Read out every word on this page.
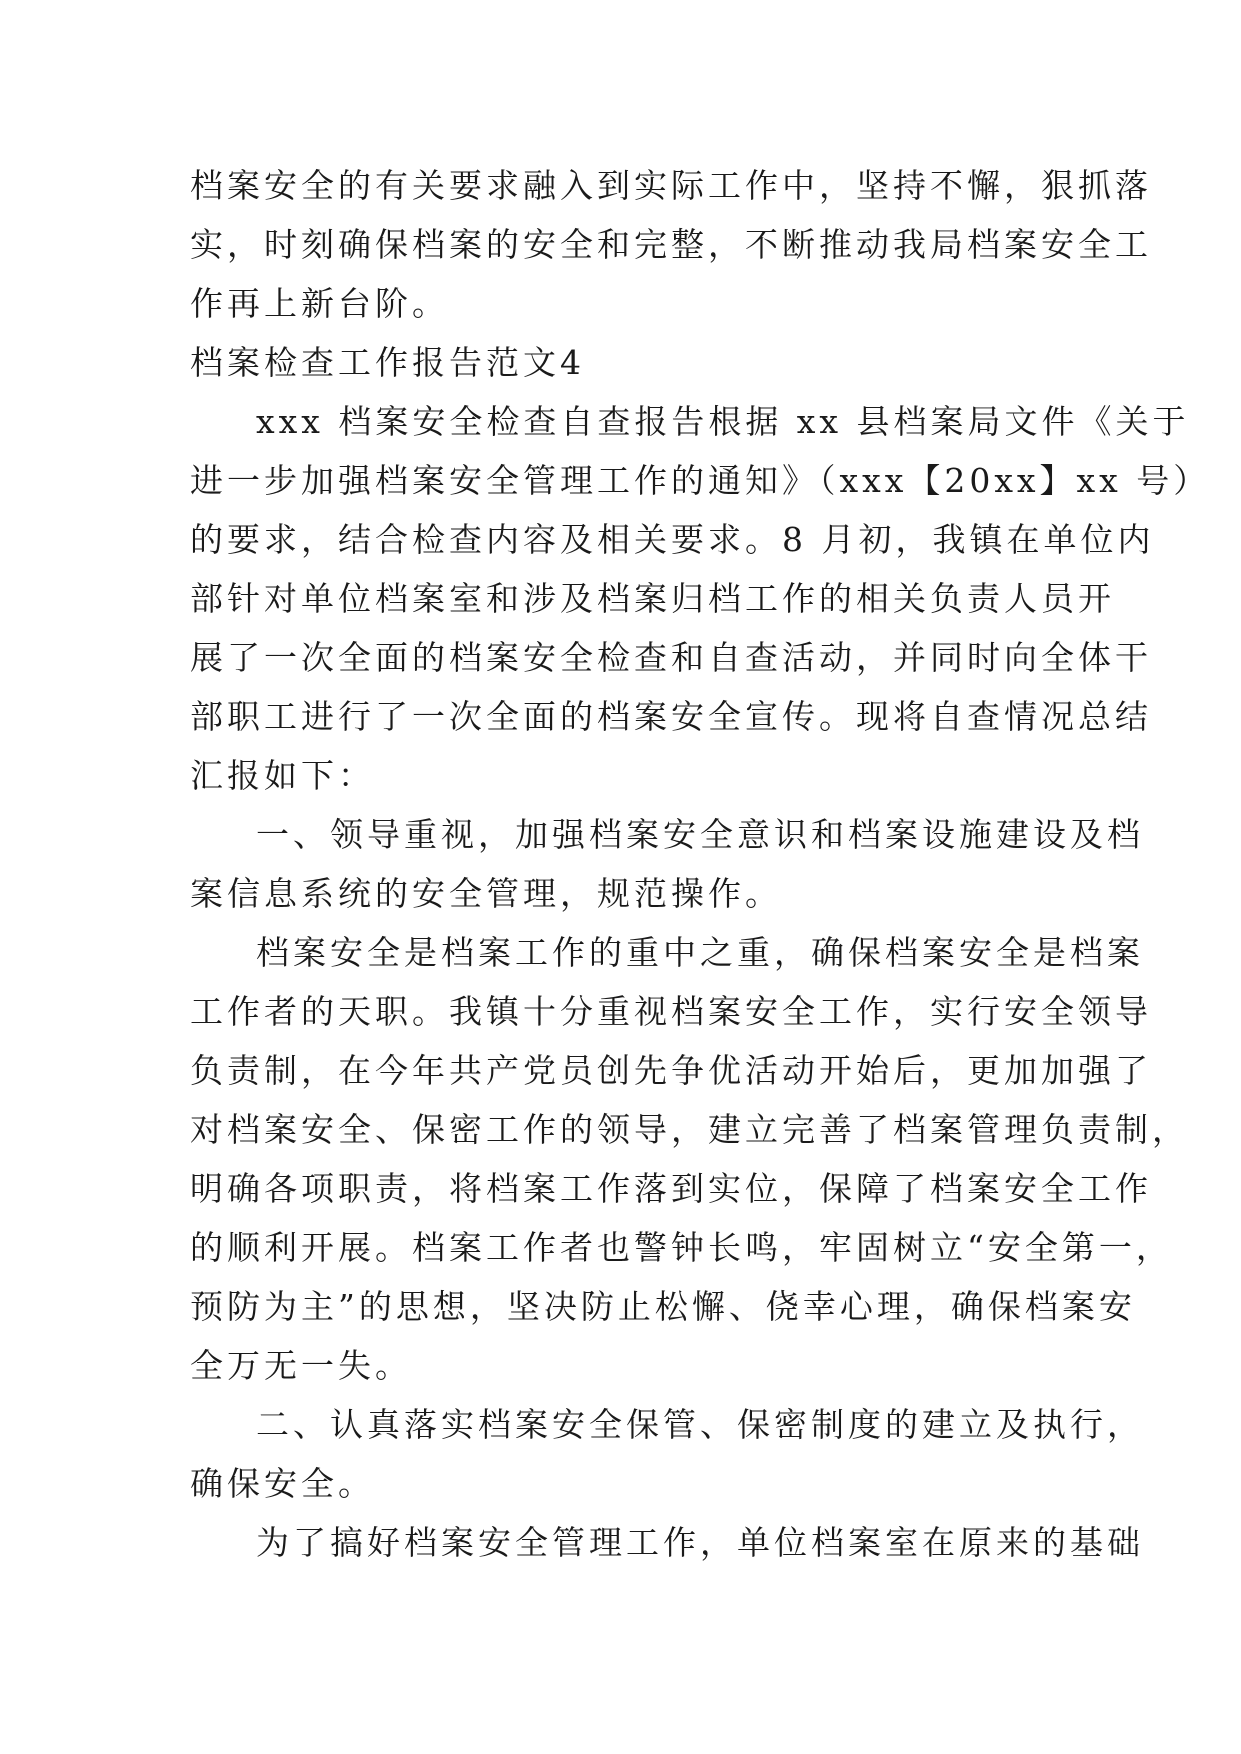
档案安全的有关要求融入到实际工作中，坚持不懈，狠抓落
实，时刻确保档案的安全和完整，不断推动我局档案安全工
作再上新台阶。
档案检查工作报告范文4
xxx 档案安全检查自查报告根据 xx 县档案局文件《关于
进一步加强档案安全管理工作的通知》（xxx【20xx】xx 号）
的要求，结合检查内容及相关要求。8 月初，我镇在单位内
部针对单位档案室和涉及档案归档工作的相关负责人员开
展了一次全面的档案安全检查和自查活动，并同时向全体干
部职工进行了一次全面的档案安全宣传。现将自查情况总结
汇报如下：
一、领导重视，加强档案安全意识和档案设施建设及档
案信息系统的安全管理，规范操作。
档案安全是档案工作的重中之重，确保档案安全是档案
工作者的天职。我镇十分重视档案安全工作，实行安全领导
负责制，在今年共产党员创先争优活动开始后，更加加强了
对档案安全、保密工作的领导，建立完善了档案管理负责制，
明确各项职责，将档案工作落到实位，保障了档案安全工作
的顺利开展。档案工作者也警钟长鸣，牢固树立“安全第一，
预防为主”的思想，坚决防止松懈、侥幸心理，确保档案安
全万无一失。
二、认真落实档案安全保管、保密制度的建立及执行，
确保安全。
为了搞好档案安全管理工作，单位档案室在原来的基础
